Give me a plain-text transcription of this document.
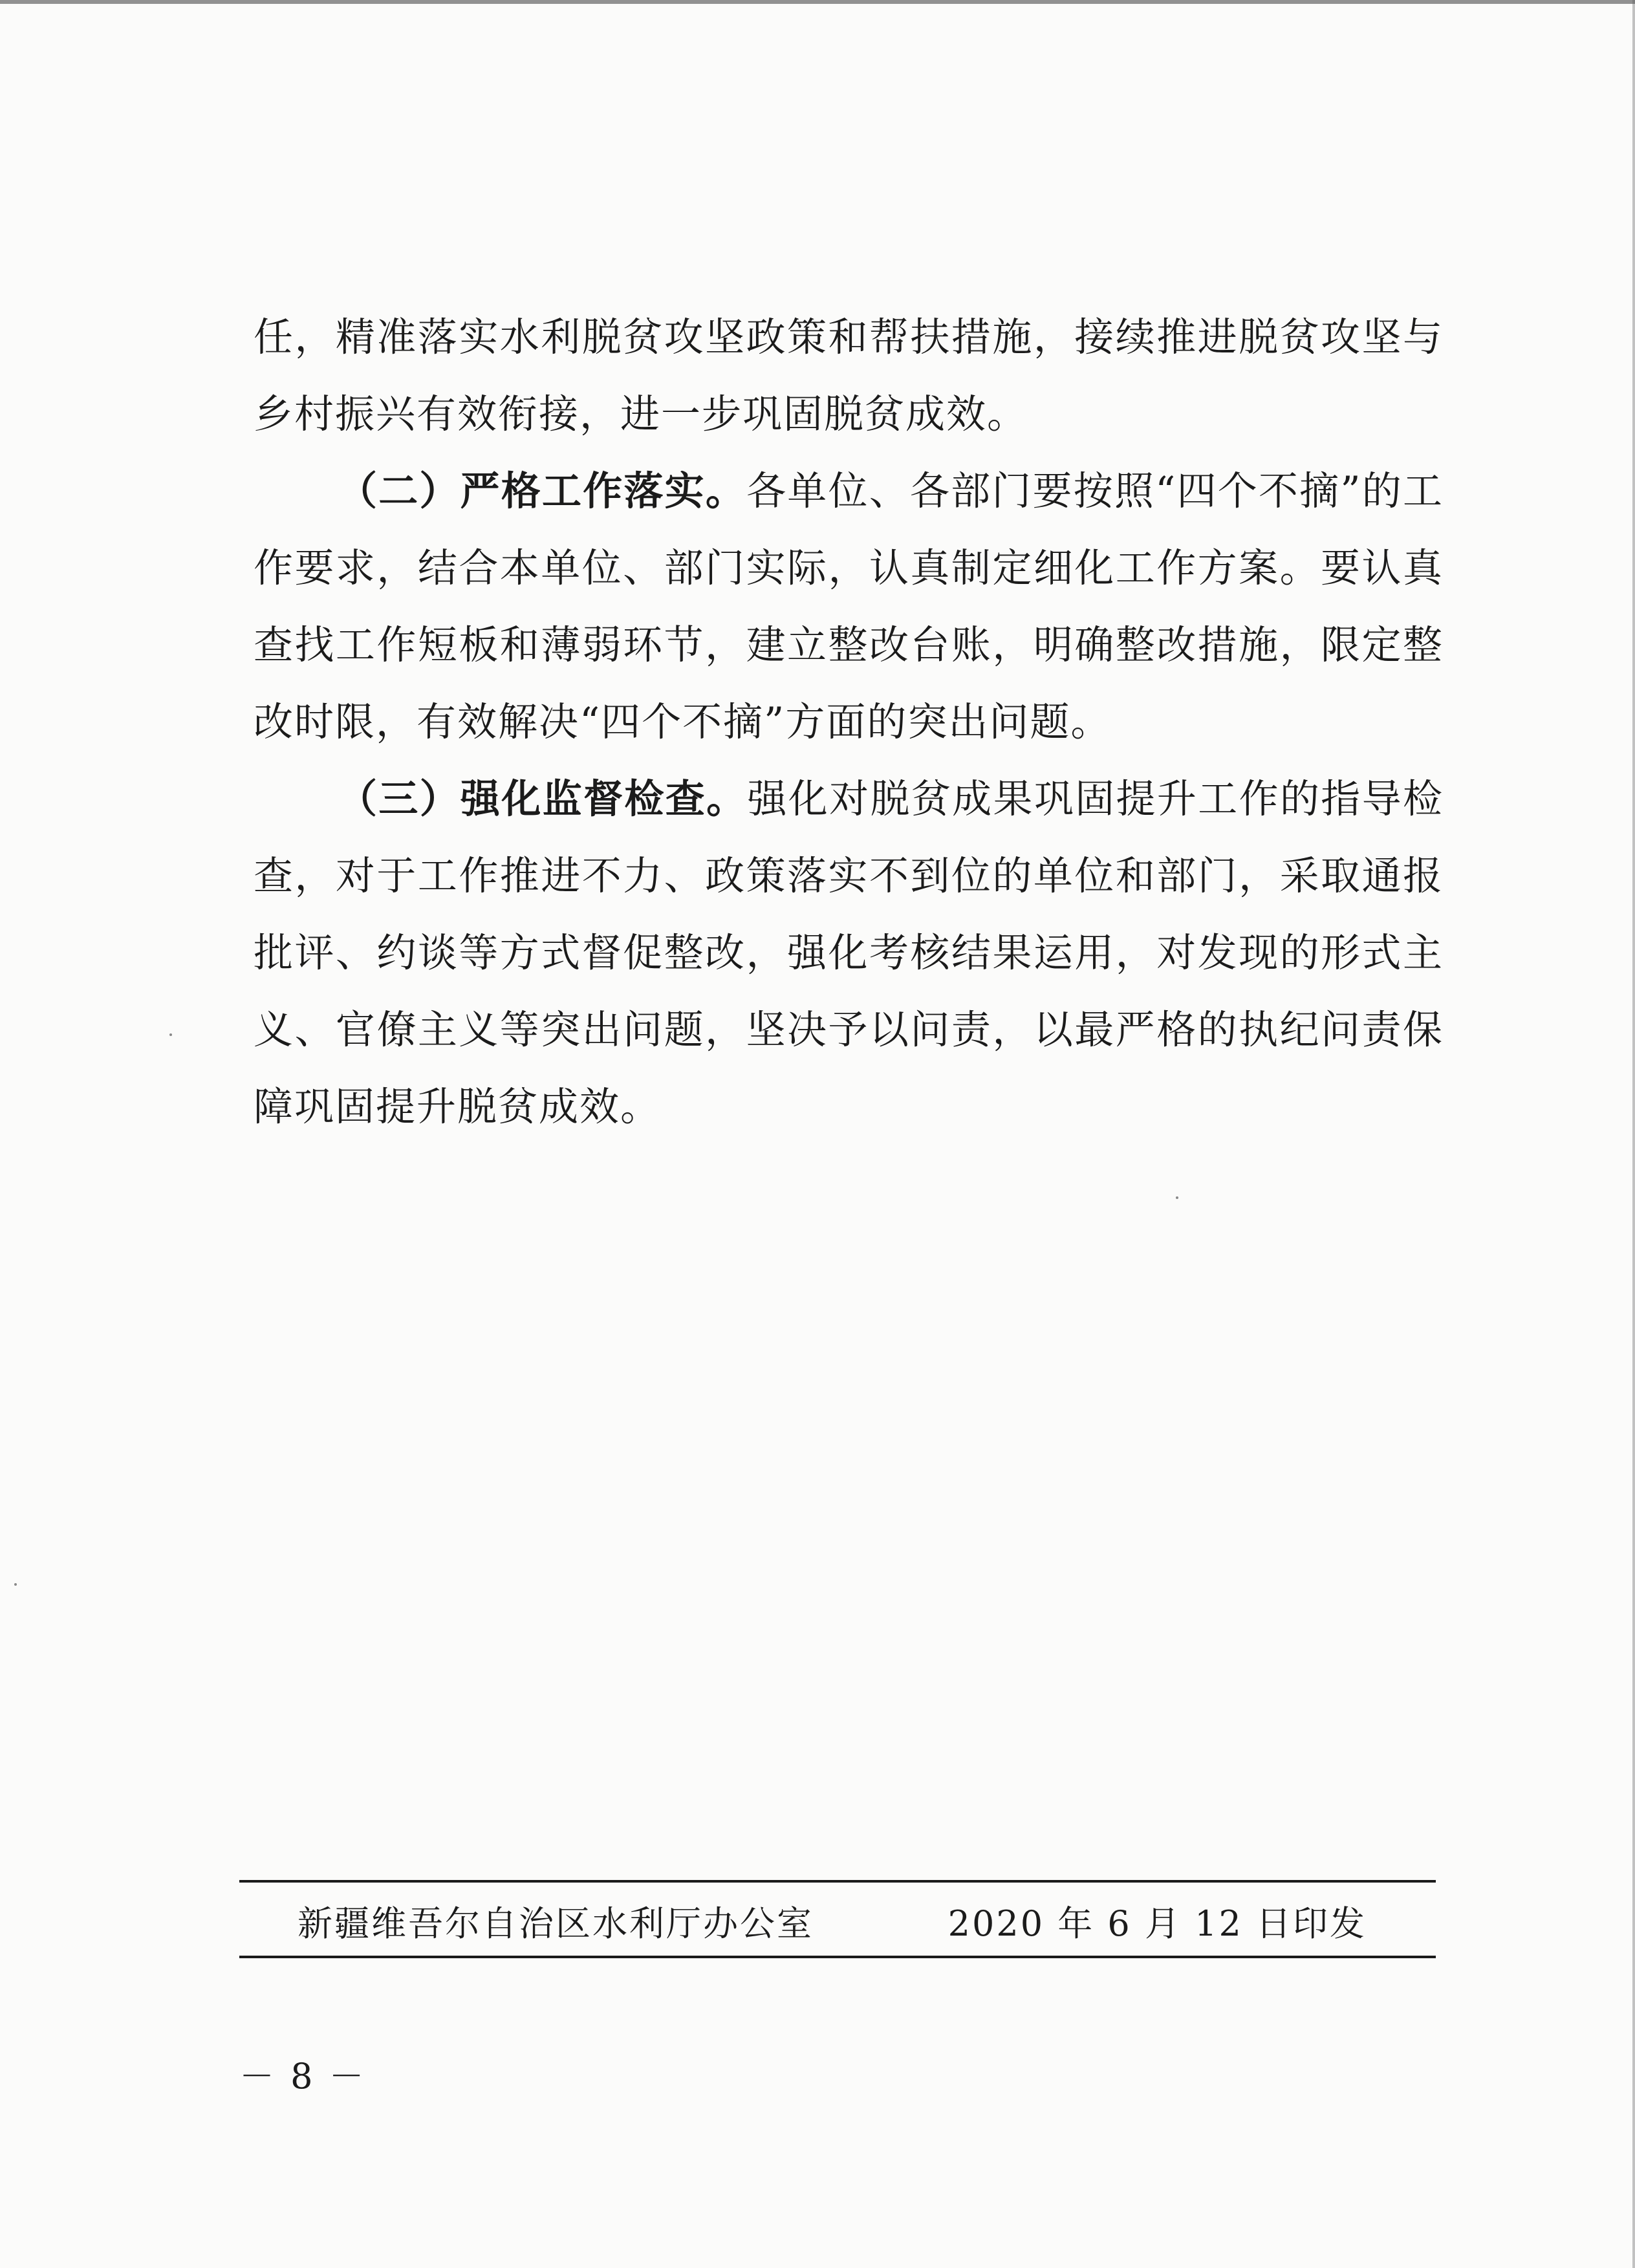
任，精准落实水利脱贫攻坚政策和帮扶措施，接续推进脱贫攻坚与乡村振兴有效衔接，进一步巩固脱贫成效。

（二）严格工作落实。各单位、各部门要按照“四个不摘”的工作要求，结合本单位、部门实际，认真制定细化工作方案。要认真查找工作短板和薄弱环节，建立整改台账，明确整改措施，限定整改时限，有效解决“四个不摘”方面的突出问题。

（三）强化监督检查。强化对脱贫成果巩固提升工作的指导检查，对于工作推进不力、政策落实不到位的单位和部门，采取通报批评、约谈等方式督促整改，强化考核结果运用，对发现的形式主义、官僚主义等突出问题，坚决予以问责，以最严格的执纪问责保障巩固提升脱贫成效。

新疆维吾尔自治区水利厅办公室	2020 年 6 月 12 日印发
－ 8 －
